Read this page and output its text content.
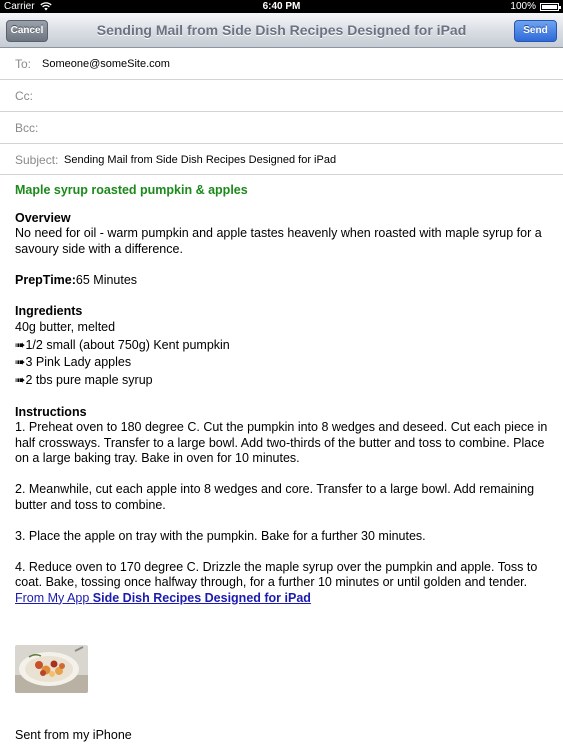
Carrier	6:40 PM	100%
Cancel	Sending Mail from Side Dish Recipes Designed for iPad	Send
To: Someone@someSite.com
Cc:
Bcc:
Subject: Sending Mail from Side Dish Recipes Designed for iPad
Maple syrup roasted pumpkin & apples
Overview
No need for oil - warm pumpkin and apple tastes heavenly when roasted with maple syrup for a savoury side with a difference.
PrepTime:65 Minutes
Ingredients
40g butter, melted
➠1/2 small (about 750g) Kent pumpkin
➠3 Pink Lady apples
➠2 tbs pure maple syrup
Instructions
1. Preheat oven to 180 degree C. Cut the pumpkin into 8 wedges and deseed. Cut each piece in half crossways. Transfer to a large bowl. Add two-thirds of the butter and toss to combine. Place on a large baking tray. Bake in oven for 10 minutes.
2. Meanwhile, cut each apple into 8 wedges and core. Transfer to a large bowl. Add remaining butter and toss to combine.
3. Place the apple on tray with the pumpkin. Bake for a further 30 minutes.
4. Reduce oven to 170 degree C. Drizzle the maple syrup over the pumpkin and apple. Toss to coat. Bake, tossing once halfway through, for a further 10 minutes or until golden and tender.
From My App Side Dish Recipes Designed for iPad
Sent from my iPhone
